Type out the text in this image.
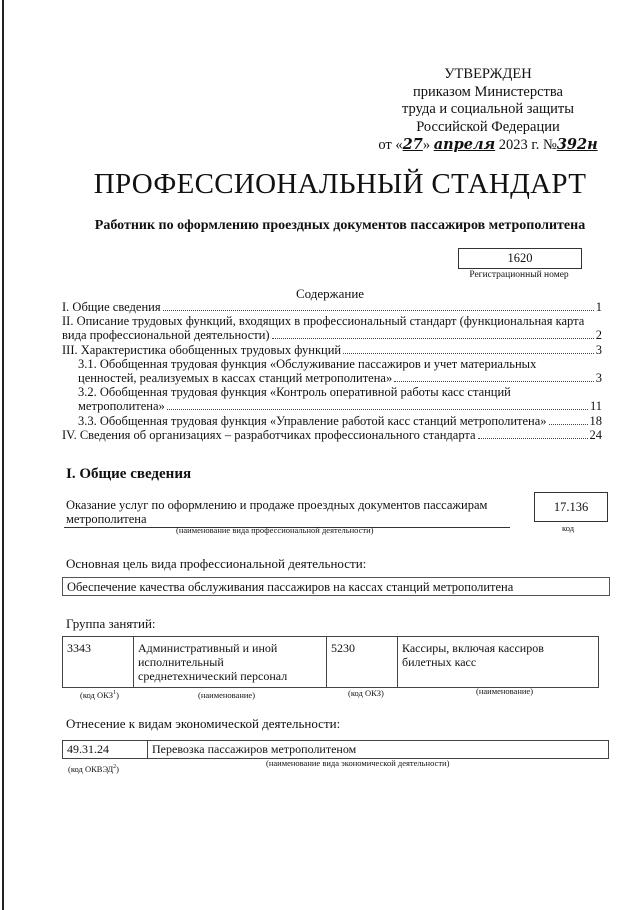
УТВЕРЖДЕН
приказом Министерства
труда и социальной защиты
Российской Федерации
от «27» апреля 2023 г. №392н
ПРОФЕССИОНАЛЬНЫЙ СТАНДАРТ
Работник по оформлению проездных документов пассажиров метрополитена
1620
Регистрационный номер
Содержание
I. Общие сведения	1
II. Описание трудовых функций, входящих в профессиональный стандарт (функциональная карта
вида профессиональной деятельности)	2
III. Характеристика обобщенных трудовых функций	3
3.1. Обобщенная трудовая функция «Обслуживание пассажиров и учет материальных
ценностей, реализуемых в кассах станций метрополитена»	3
3.2. Обобщенная трудовая функция «Контроль оперативной работы касс станций
метрополитена»	11
3.3. Обобщенная трудовая функция «Управление работой касс станций метрополитена»	18
IV. Сведения об организациях – разработчиках профессионального стандарта	24
I. Общие сведения
Оказание услуг по оформлению и продаже проездных документов пассажирам метрополитена
(наименование вида профессиональной деятельности)
17.136
код
Основная цель вида профессиональной деятельности:
Обеспечение качества обслуживания пассажиров на кассах станций метрополитена
Группа занятий:
3343	Административный и иной исполнительный среднетехнический персонал	5230	Кассиры, включая кассиров билетных касс
(код ОКЗ$^1$)	(наименование)	(код ОКЗ)	(наименование)
Отнесение к видам экономической деятельности:
49.31.24	Перевозка пассажиров метрополитеном
(код ОКВЭД$^2$)
(наименование вида экономической деятельности)
